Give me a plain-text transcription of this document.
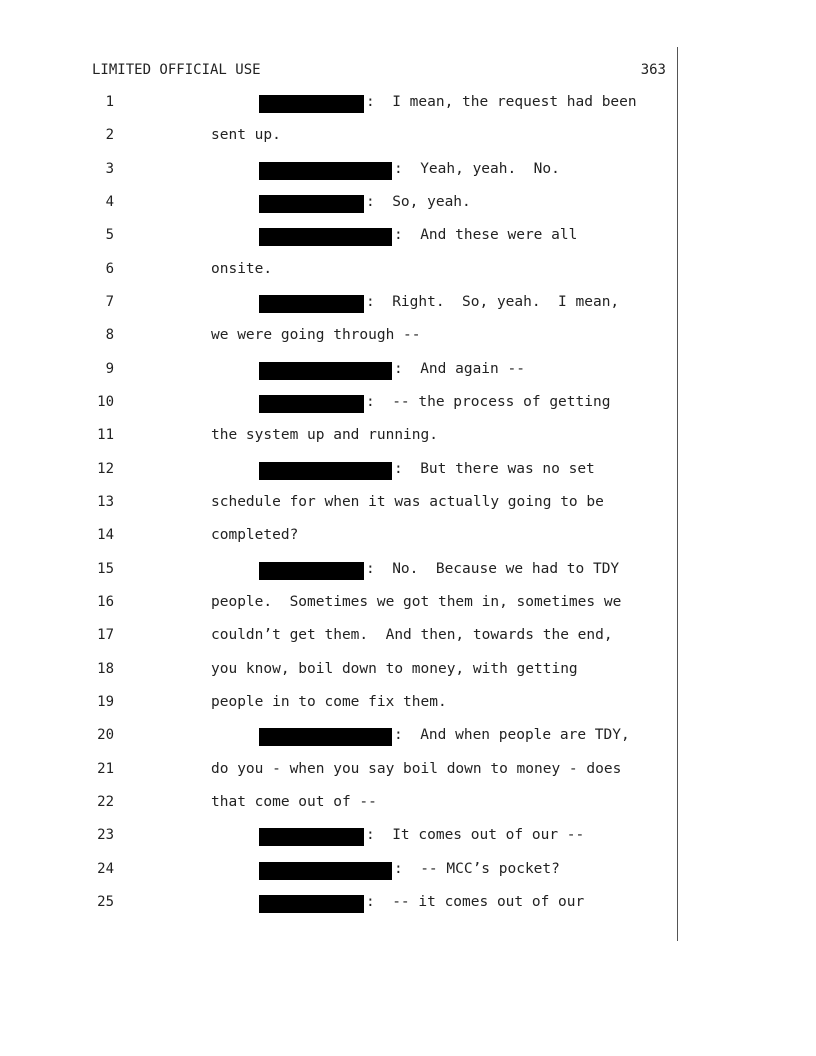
LIMITED OFFICIAL USE	363
1	:  I mean, the request had been
2	sent up.
3	:  Yeah, yeah.  No.
4	:  So, yeah.
5	:  And these were all
6	onsite.
7	:  Right.  So, yeah.  I mean,
8	we were going through --
9	:  And again --
10	:  -- the process of getting
11	the system up and running.
12	:  But there was no set
13	schedule for when it was actually going to be
14	completed?
15	:  No.  Because we had to TDY
16	people.  Sometimes we got them in, sometimes we
17	couldn’t get them.  And then, towards the end,
18	you know, boil down to money, with getting
19	people in to come fix them.
20	:  And when people are TDY,
21	do you - when you say boil down to money - does
22	that come out of --
23	:  It comes out of our --
24	:  -- MCC’s pocket?
25	:  -- it comes out of our
